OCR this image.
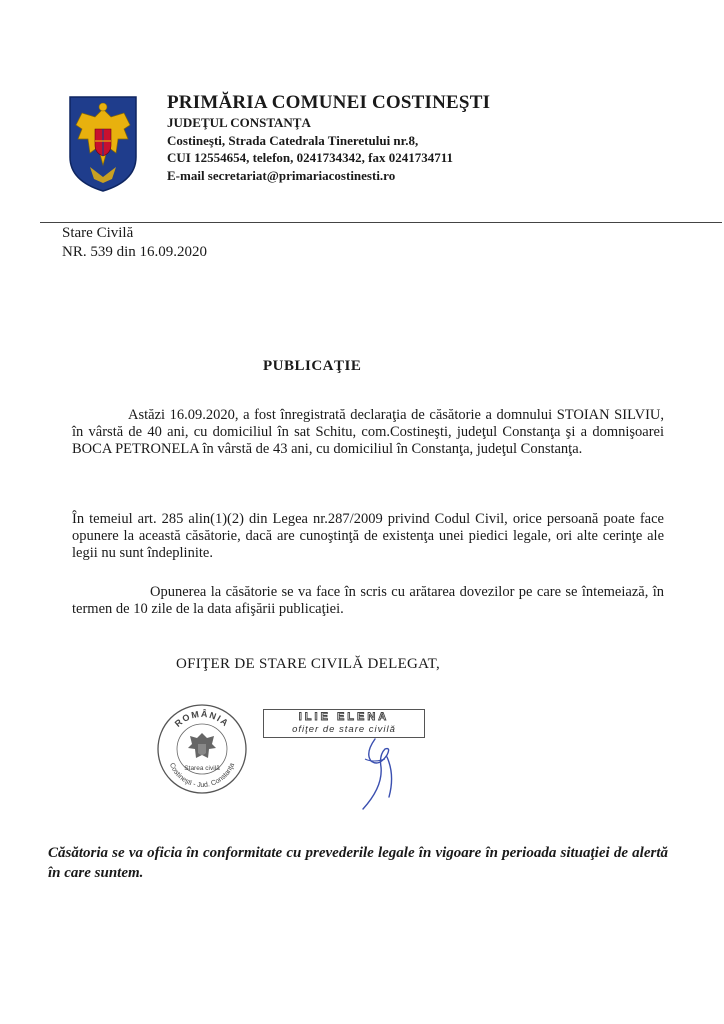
PRIMĂRIA COMUNEI COSTINEŞTI

JUDEŢUL CONSTANŢA

Costineşti, Strada Catedrala Tineretului nr.8,

CUI 12554654, telefon, 0241734342, fax 0241734711

E-mail secretariat@primariacostinesti.ro

Stare Civilă
NR. 539 din 16.09.2020
PUBLICAŢIE

Astăzi 16.09.2020, a fost înregistrată declaraţia de căsătorie a domnului STOIAN SILVIU, în vârstă de 40 ani, cu domiciliul în sat Schitu, com.Costineşti, judeţul Constanţa şi a domnişoarei BOCA PETRONELA în vârstă de 43 ani, cu domiciliul în Constanţa, judeţul Constanţa.

În temeiul art. 285 alin(1)(2) din Legea nr.287/2009 privind Codul Civil, orice persoană poate face opunere la această căsătorie, dacă are cunoştinţă de existenţa unei piedici legale, ori alte cerinţe ale legii nu sunt îndeplinite.

Opunerea la căsătorie se va face în scris cu arătarea dovezilor pe care se întemeiază, în termen de 10 zile de la data afişării publicaţiei.

OFIŢER DE STARE CIVILĂ DELEGAT,
ROMÂNIA
Costineşti - Jud. Constanţa
Starea civilă
ILIE ELENA
ofiţer de stare civilă

Căsătoria se va oficia în conformitate cu prevederile legale în vigoare în perioada situaţiei de alertă în care suntem.
